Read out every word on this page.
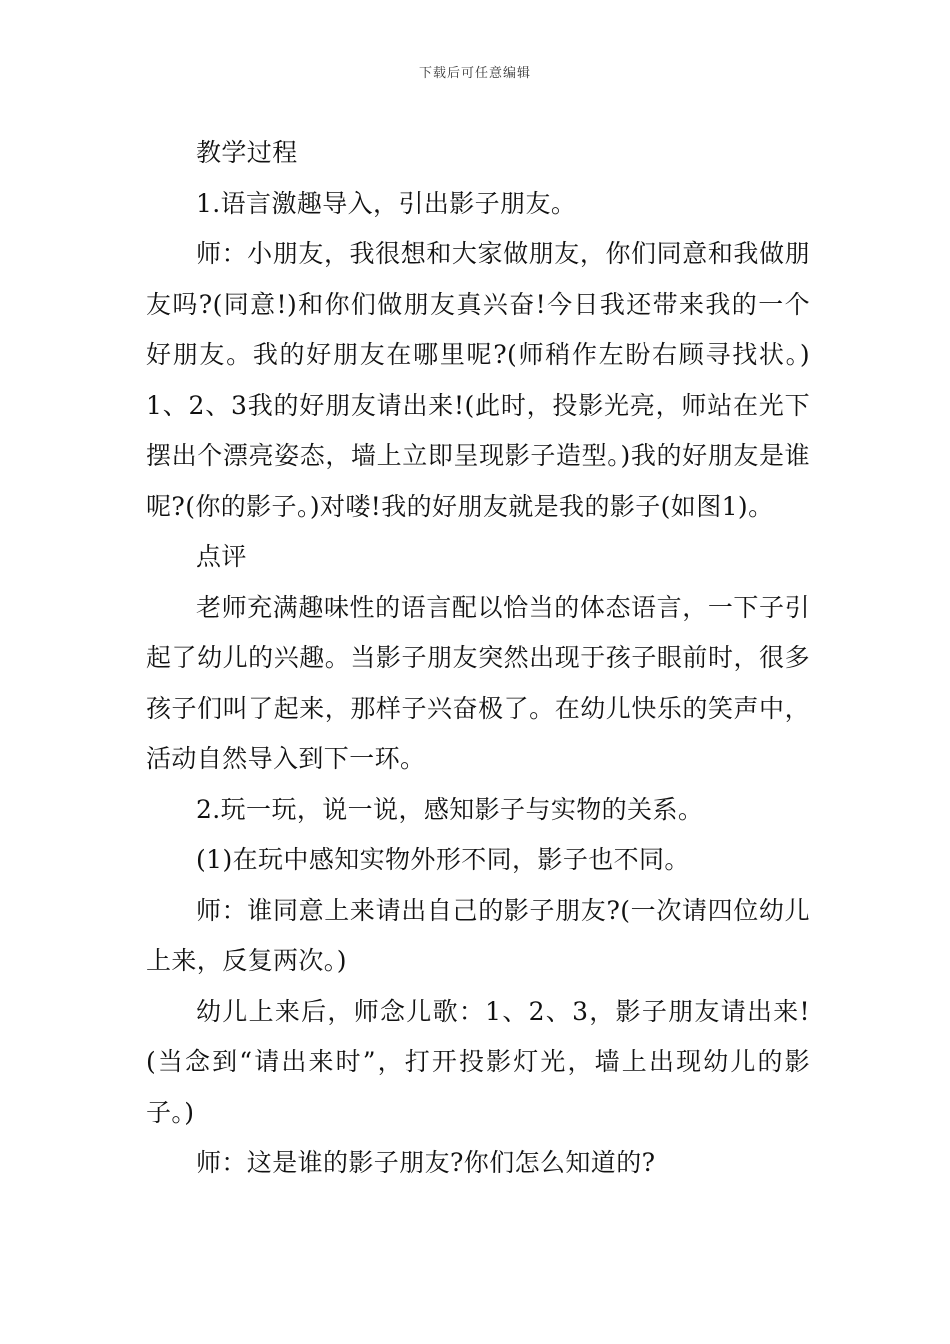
下载后可任意编辑

教学过程

1.语言激趣导入，引出影子朋友。

师：小朋友，我很想和大家做朋友，你们同意和我做朋友吗?(同意!)和你们做朋友真兴奋!今日我还带来我的一个好朋友。我的好朋友在哪里呢?(师稍作左盼右顾寻找状。)1、2、3我的好朋友请出来!(此时，投影光亮，师站在光下摆出个漂亮姿态，墙上立即呈现影子造型。)我的好朋友是谁呢?(你的影子。)对喽!我的好朋友就是我的影子(如图1)。

点评

老师充满趣味性的语言配以恰当的体态语言，一下子引起了幼儿的兴趣。当影子朋友突然出现于孩子眼前时，很多孩子们叫了起来，那样子兴奋极了。在幼儿快乐的笑声中，活动自然导入到下一环。

2.玩一玩，说一说，感知影子与实物的关系。

(1)在玩中感知实物外形不同，影子也不同。

师：谁同意上来请出自己的影子朋友?(一次请四位幼儿上来，反复两次。)

幼儿上来后，师念儿歌：1、2、3，影子朋友请出来!(当念到“请出来时”，打开投影灯光，墙上出现幼儿的影子。)

师：这是谁的影子朋友?你们怎么知道的?
